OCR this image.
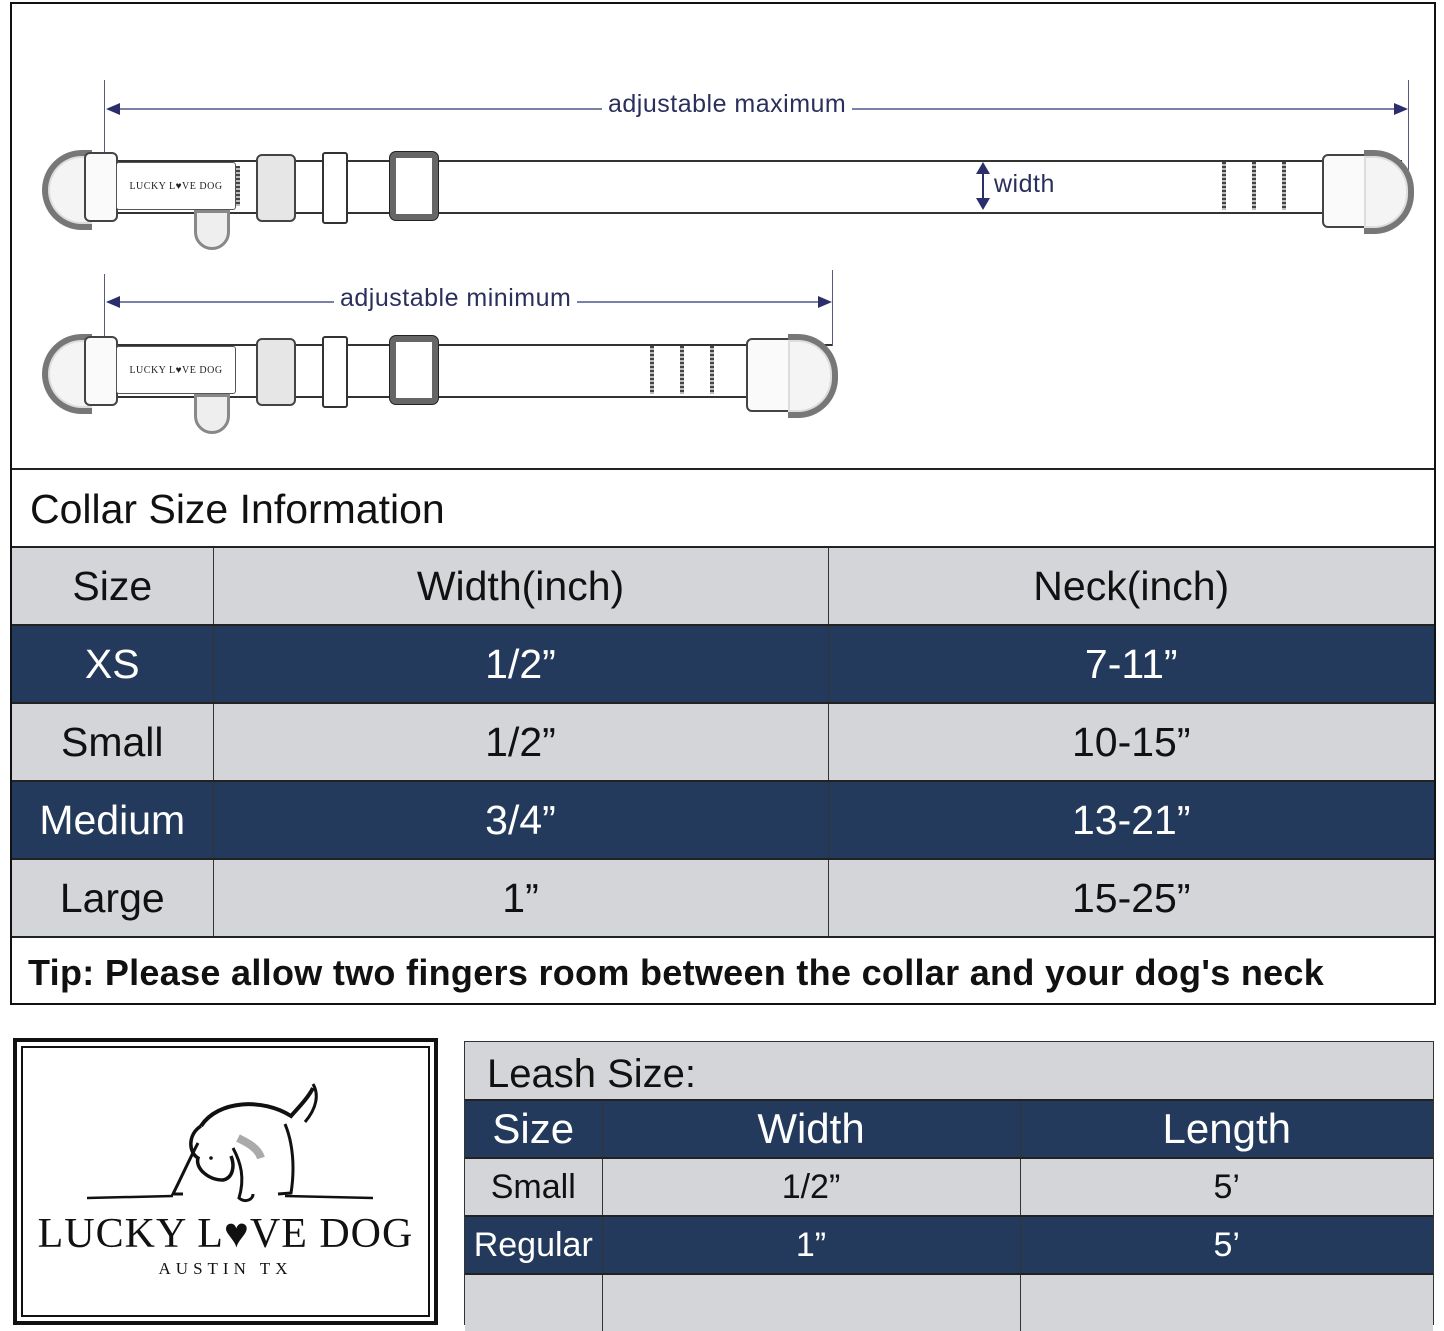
adjustable maximum
LUCKY L♥VE DOG	width
adjustable minimum
LUCKY L♥VE DOG
Collar Size Information
Size	Width(inch)	Neck(inch)
XS	1/2”	7-11”
Small	1/2”	10-15”
Medium	3/4”	13-21”
Large	1”	15-25”
Tip: Please allow two fingers room between the collar and your dog's neck
LUCKY L♥VE DOG
AUSTIN TX
Leash Size:
Size	Width	Length
Small	1/2”	5’
Regular	1”	5’
